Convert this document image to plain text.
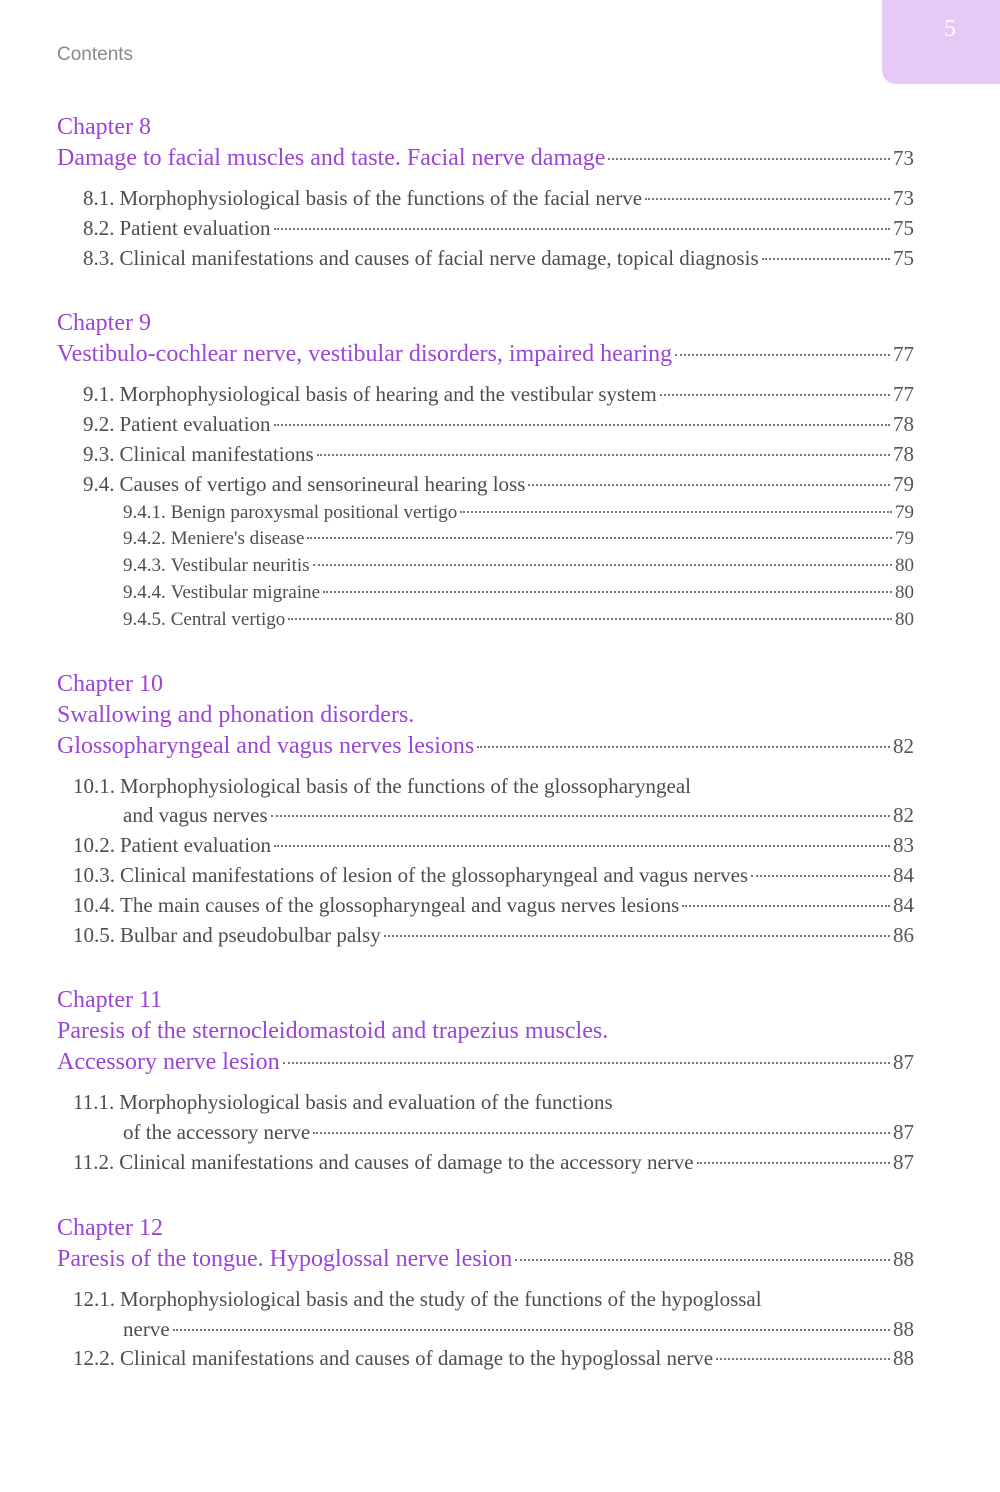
5
Contents
Chapter 8
Damage to facial muscles and taste. Facial nerve damage	73
8.1. Morphophysiological basis of the functions of the facial nerve	73
8.2. Patient evaluation	75
8.3. Clinical manifestations and causes of facial nerve damage, topical diagnosis	75
Chapter 9
Vestibulo-cochlear nerve, vestibular disorders, impaired hearing	77
9.1. Morphophysiological basis of hearing and the vestibular system	77
9.2. Patient evaluation	78
9.3. Clinical manifestations	78
9.4. Causes of vertigo and sensorineural hearing loss	79
9.4.1. Benign paroxysmal positional vertigo	79
9.4.2. Meniere's disease	79
9.4.3. Vestibular neuritis	80
9.4.4. Vestibular migraine	80
9.4.5. Central vertigo	80
Chapter 10
Swallowing and phonation disorders.
Glossopharyngeal and vagus nerves lesions	82
10.1. Morphophysiological basis of the functions of the glossopharyngeal
and vagus nerves	82
10.2. Patient evaluation	83
10.3. Clinical manifestations of lesion of the glossopharyngeal and vagus nerves	84
10.4. The main causes of the glossopharyngeal and vagus nerves lesions	84
10.5. Bulbar and pseudobulbar palsy	86
Chapter 11
Paresis of the sternocleidomastoid and trapezius muscles.
Accessory nerve lesion	87
11.1. Morphophysiological basis and evaluation of the functions
of the accessory nerve	87
11.2. Clinical manifestations and causes of damage to the accessory nerve	87
Chapter 12
Paresis of the tongue. Hypoglossal nerve lesion	88
12.1. Morphophysiological basis and the study of the functions of the hypoglossal
nerve	88
12.2. Clinical manifestations and causes of damage to the hypoglossal nerve	88
